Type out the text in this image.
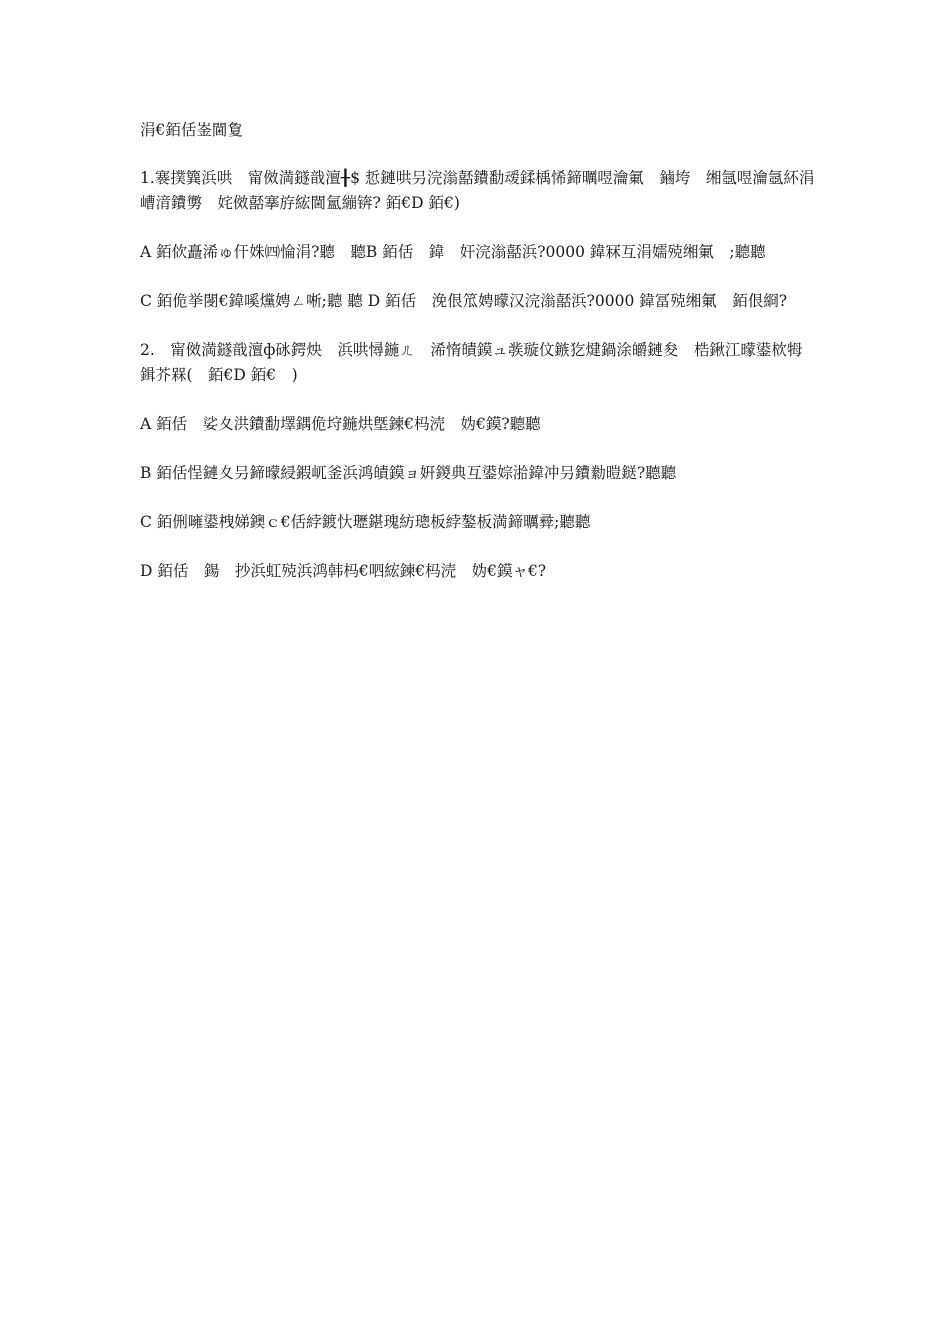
涓€銆佸崟閫夐
1.褰撲簨浜哄　甯傚満鐩戠澶╂$ 悊鏈哄叧浣滃嚭鐨勫叆鍒楀悕鍗曞喅瀹氭　鏀垮　缃氬喅瀹氬紑涓嶆湇鐨勶　姹傚嚭搴斿綋閫氳繃锛? 銆€D 銆€)
A 銆佽矗浠ゅ仠姝㈣惀涓?聽　聽B 銆佸　鍏　奸浣滃嚭浜?0000 鍏冧互涓嬬殑缃氭　;聽聽
C 銆佹挙閿€鍏嗘爣娉ㄥ唽;聽 聽 D 銆佸　浼佷笟娉曚汉浣滃嚭浜?0000 鍏冨殑缃氭　銆佷綗?
2.　甯傚満鐩戠澶ф砯鍔炴　浜哄憳鍦ㄦ　浠惰皟鏌ュ彂璇伩鏃犵煡鍋涂皭鏈夋　梏鍬江曚鍙栨牳鍓芥槑(　銆€D 銆€　)
A 銆佸　娑夊洪鐨勫墿鍝佹垨鍦烘墍鍊€杩涜　妫€鏌?聽聽
B 銆佸悜鏈夊叧鍗曚綅鍜屼釜浜鸿皟鏌ョ姸鍐典互鍙婃湁鍏冲叧鐨勬暟鎹?聽聽
C 銆侀噰鍙栧娣鐭ｃ€佸綍鍍忕瓑鍖瑰紡璁板綍鏊板満鍗曞彛;聽聽
D 銆佸　鍚　抄浜虹殑浜鸿韩杩€呬綋鍊€杩涜　妫€鏌ャ€?
